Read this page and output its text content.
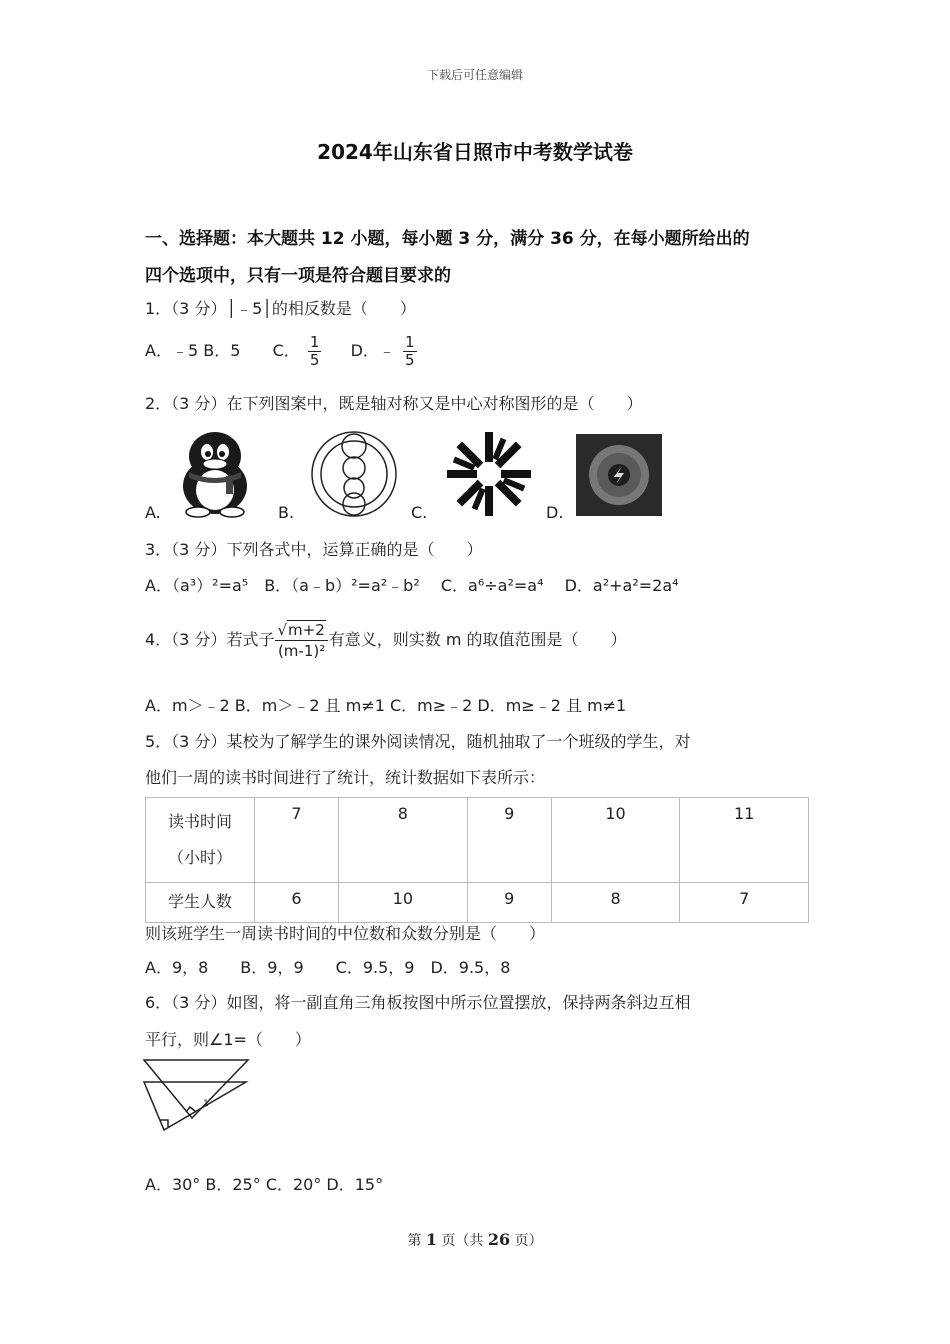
下载后可任意编辑
2024年山东省日照市中考数学试卷
一、选择题：本大题共 12 小题，每小题 3 分，满分 36 分，在每小题所给出的
四个选项中，只有一项是符合题目要求的
1．（3 分）│﹣5│的相反数是（　　）
A．﹣5 B．5 C． $\frac{1}{5}$ D．﹣ $\frac{1}{5}$
2．（3 分）在下列图案中，既是轴对称又是中心对称图形的是（　　）
A.	B.	C.	D.
3．（3 分）下列各式中，运算正确的是（　　）
A．（a³）²=a⁵　B．（a﹣b）²=a²﹣b²　 C．a⁶÷a²=a⁴　 D．a²+a²=2a⁴
4．（3 分）若式子 $\frac{√m+2}{\text{(m-1)²}}$ 有意义，则实数 m 的取值范围是（　　）
A．m＞﹣2 B．m＞﹣2 且 m≠1 C．m≥﹣2 D．m≥﹣2 且 m≠1
5．（3 分）某校为了解学生的课外阅读情况，随机抽取了一个班级的学生，对
他们一周的读书时间进行了统计，统计数据如下表所示：
读书时间
（小时）	7	8	9	10	11
学生人数	6	10	9	8	7
则该班学生一周读书时间的中位数和众数分别是（　　）
A．9，8　　B．9，9　　C．9.5，9　D．9.5，8
6．（3 分）如图，将一副直角三角板按图中所示位置摆放，保持两条斜边互相
平行，则∠1=（　　）
1
A．30° B．25° C．20° D．15°
第 1 页（共 26 页）
